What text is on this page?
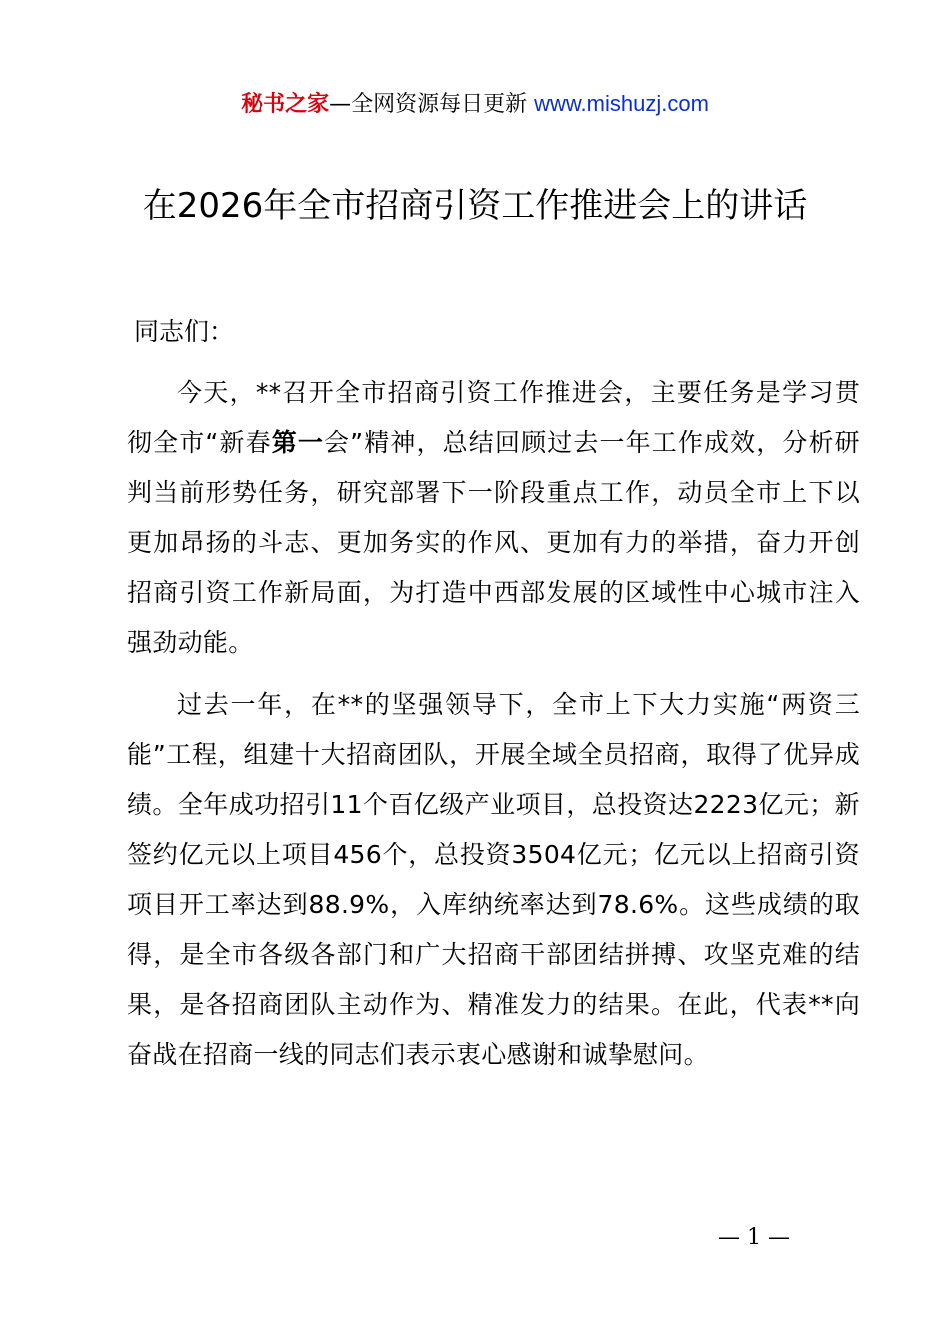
秘书之家—全网资源每日更新 www.mishuzj.com
在2026年全市招商引资工作推进会上的讲话
同志们：
今天，**召开全市招商引资工作推进会，主要任务是学习贯彻全市“新春第一会”精神，总结回顾过去一年工作成效，分析研判当前形势任务，研究部署下一阶段重点工作，动员全市上下以更加昂扬的斗志、更加务实的作风、更加有力的举措，奋力开创招商引资工作新局面，为打造中西部发展的区域性中心城市注入强劲动能。
过去一年，在**的坚强领导下，全市上下大力实施“两资三能”工程，组建十大招商团队，开展全域全员招商，取得了优异成绩。全年成功招引11个百亿级产业项目，总投资达2223亿元；新签约亿元以上项目456个，总投资3504亿元；亿元以上招商引资项目开工率达到88.9%，入库纳统率达到78.6%。这些成绩的取得，是全市各级各部门和广大招商干部团结拼搏、攻坚克难的结果，是各招商团队主动作为、精准发力的结果。在此，代表**向奋战在招商一线的同志们表示衷心感谢和诚挚慰问。
— 1 —
